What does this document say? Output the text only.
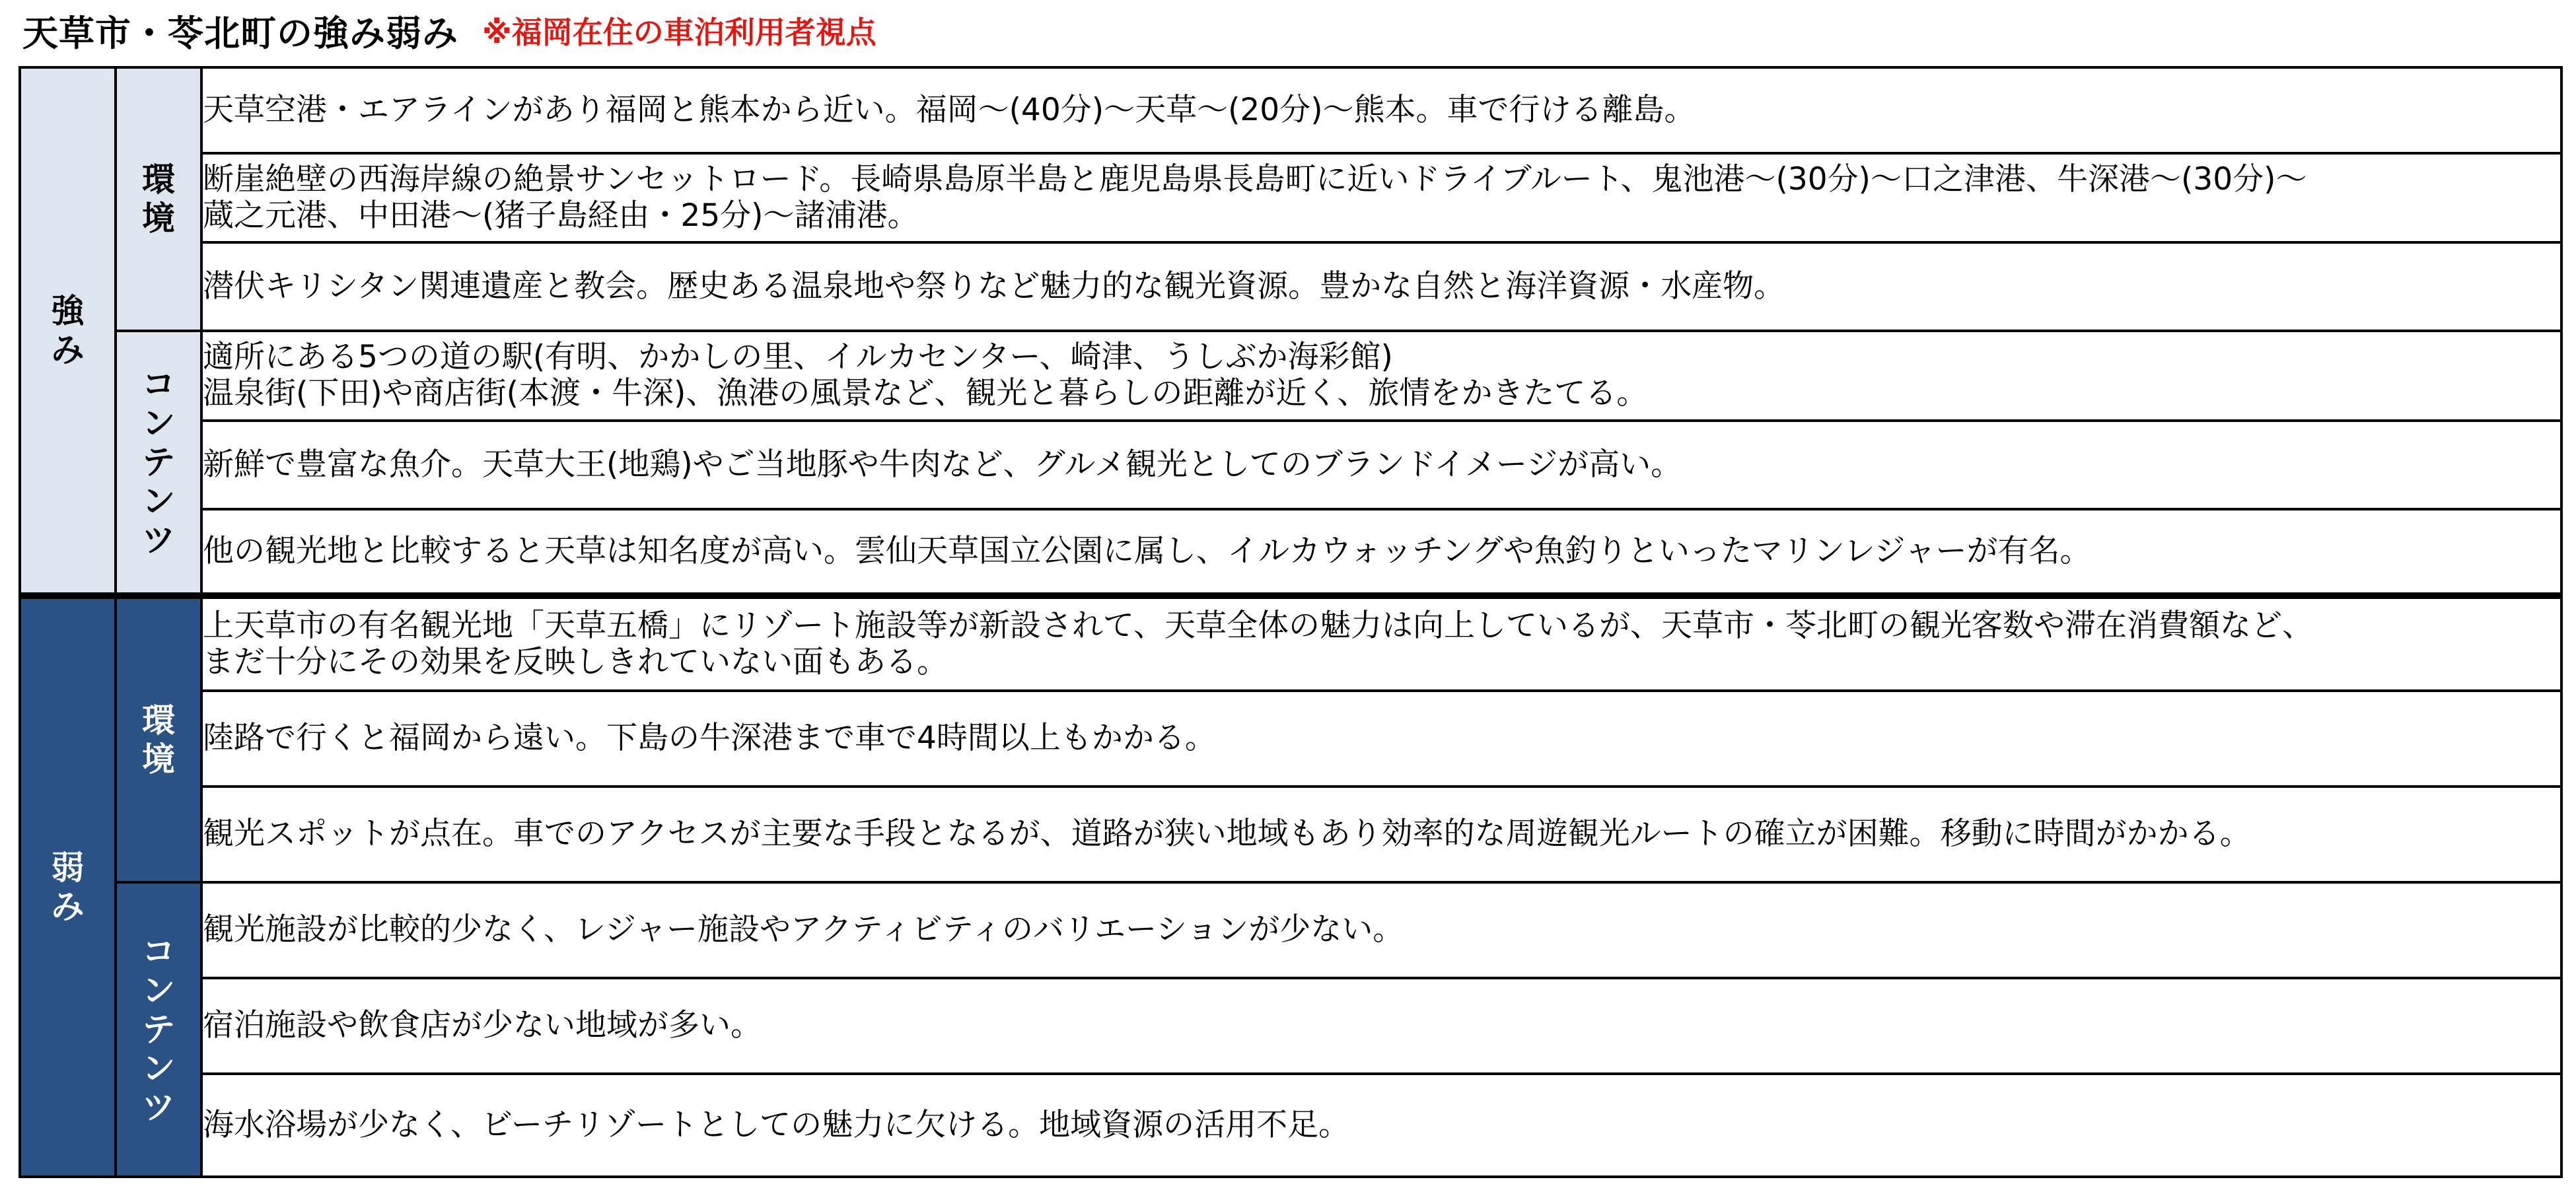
天草市・苓北町の強み弱み ※福岡在住の車泊利用者視点
強
み	環
境	天草空港・エアラインがあり福岡と熊本から近い。福岡～(40分)～天草～(20分)～熊本。車で行ける離島。

		断崖絶壁の西海岸線の絶景サンセットロード。長崎県島原半島と鹿児島県長島町に近いドライブルート、鬼池港～(30分)～口之津港、牛深港～(30分)～
蔵之元港、中田港～(猪子島経由・25分)～諸浦港。

		潜伏キリシタン関連遺産と教会。歴史ある温泉地や祭りなど魅力的な観光資源。豊かな自然と海洋資源・水産物。

	コ
ン
テ
ン
ツ	適所にある5つの道の駅(有明、かかしの里、イルカセンター、崎津、うしぶか海彩館)
温泉街(下田)や商店街(本渡・牛深)、漁港の風景など、観光と暮らしの距離が近く、旅情をかきたてる。

		新鮮で豊富な魚介。天草大王(地鶏)やご当地豚や牛肉など、グルメ観光としてのブランドイメージが高い。

		他の観光地と比較すると天草は知名度が高い。雲仙天草国立公園に属し、イルカウォッチングや魚釣りといったマリンレジャーが有名。

弱
み	環
境	上天草市の有名観光地「天草五橋」にリゾート施設等が新設されて、天草全体の魅力は向上しているが、天草市・苓北町の観光客数や滞在消費額など、
まだ十分にその効果を反映しきれていない面もある。

		陸路で行くと福岡から遠い。下島の牛深港まで車で4時間以上もかかる。

		観光スポットが点在。車でのアクセスが主要な手段となるが、道路が狭い地域もあり効率的な周遊観光ルートの確立が困難。移動に時間がかかる。

	コ
ン
テ
ン
ツ	観光施設が比較的少なく、レジャー施設やアクティビティのバリエーションが少ない。

		宿泊施設や飲食店が少ない地域が多い。

		海水浴場が少なく、ビーチリゾートとしての魅力に欠ける。地域資源の活用不足。
